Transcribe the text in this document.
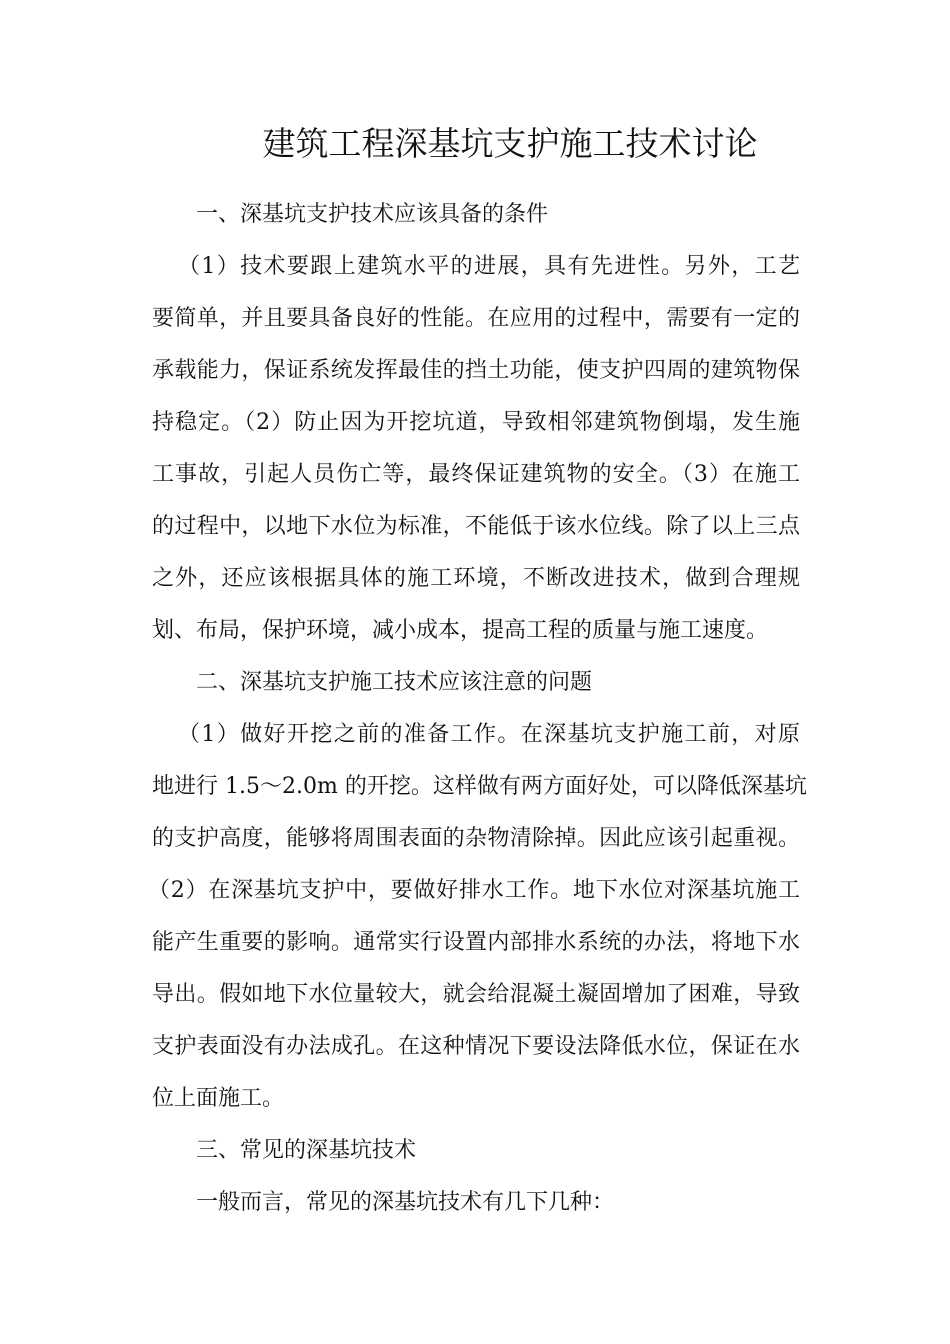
建筑工程深基坑支护施工技术讨论

一、深基坑支护技术应该具备的条件

（1）技术要跟上建筑水平的进展，具有先进性。另外，工艺

要简单，并且要具备良好的性能。在应用的过程中，需要有一定的

承载能力，保证系统发挥最佳的挡土功能，使支护四周的建筑物保

持稳定。（2）防止因为开挖坑道，导致相邻建筑物倒塌，发生施

工事故，引起人员伤亡等，最终保证建筑物的安全。（3）在施工

的过程中，以地下水位为标准，不能低于该水位线。除了以上三点

之外，还应该根据具体的施工环境，不断改进技术，做到合理规

划、布局，保护环境，减小成本，提高工程的质量与施工速度。

二、深基坑支护施工技术应该注意的问题

（1）做好开挖之前的准备工作。在深基坑支护施工前，对原

地进行 1.5～2.0m 的开挖。这样做有两方面好处，可以降低深基坑

的支护高度，能够将周围表面的杂物清除掉。因此应该引起重视。

（2）在深基坑支护中，要做好排水工作。地下水位对深基坑施工

能产生重要的影响。通常实行设置内部排水系统的办法，将地下水

导出。假如地下水位量较大，就会给混凝土凝固增加了困难，导致

支护表面没有办法成孔。在这种情况下要设法降低水位，保证在水

位上面施工。

三、常见的深基坑技术

一般而言，常见的深基坑技术有几下几种：
